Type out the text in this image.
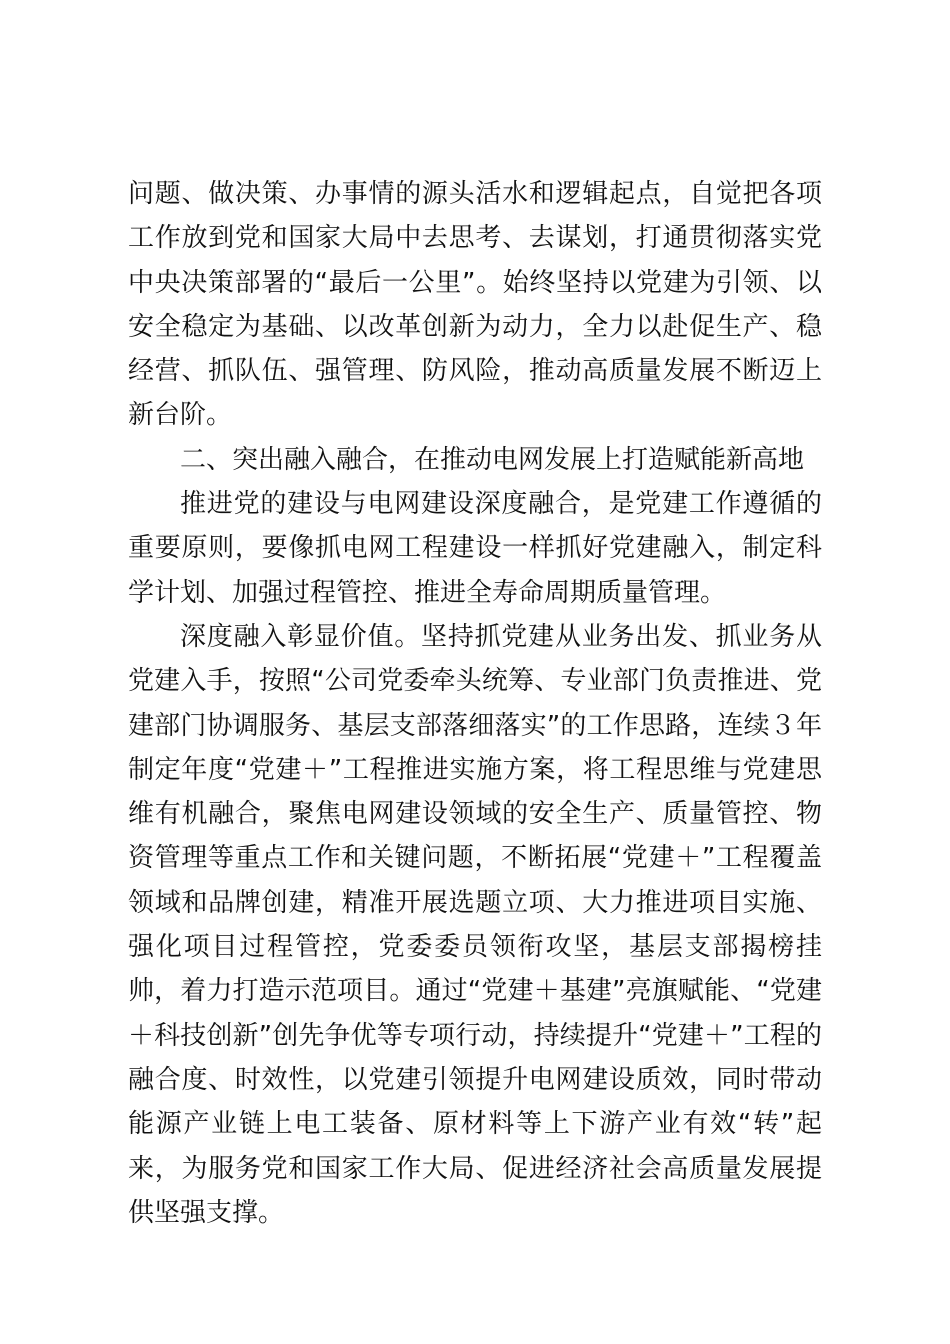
问题、做决策、办事情的源头活水和逻辑起点，自觉把各项工作放到党和国家大局中去思考、去谋划，打通贯彻落实党中央决策部署的“最后一公里”。始终坚持以党建为引领、以安全稳定为基础、以改革创新为动力，全力以赴促生产、稳经营、抓队伍、强管理、防风险，推动高质量发展不断迈上新台阶。

二、突出融入融合，在推动电网发展上打造赋能新高地

推进党的建设与电网建设深度融合，是党建工作遵循的重要原则，要像抓电网工程建设一样抓好党建融入，制定科学计划、加强过程管控、推进全寿命周期质量管理。

深度融入彰显价值。坚持抓党建从业务出发、抓业务从党建入手，按照“公司党委牵头统筹、专业部门负责推进、党建部门协调服务、基层支部落细落实”的工作思路，连续３年制定年度“党建＋”工程推进实施方案，将工程思维与党建思维有机融合，聚焦电网建设领域的安全生产、质量管控、物资管理等重点工作和关键问题，不断拓展“党建＋”工程覆盖领域和品牌创建，精准开展选题立项、大力推进项目实施、强化项目过程管控，党委委员领衔攻坚，基层支部揭榜挂帅，着力打造示范项目。通过“党建＋基建”亮旗赋能、“党建＋科技创新”创先争优等专项行动，持续提升“党建＋”工程的融合度、时效性，以党建引领提升电网建设质效，同时带动能源产业链上电工装备、原材料等上下游产业有效“转”起来，为服务党和国家工作大局、促进经济社会高质量发展提供坚强支撑。
